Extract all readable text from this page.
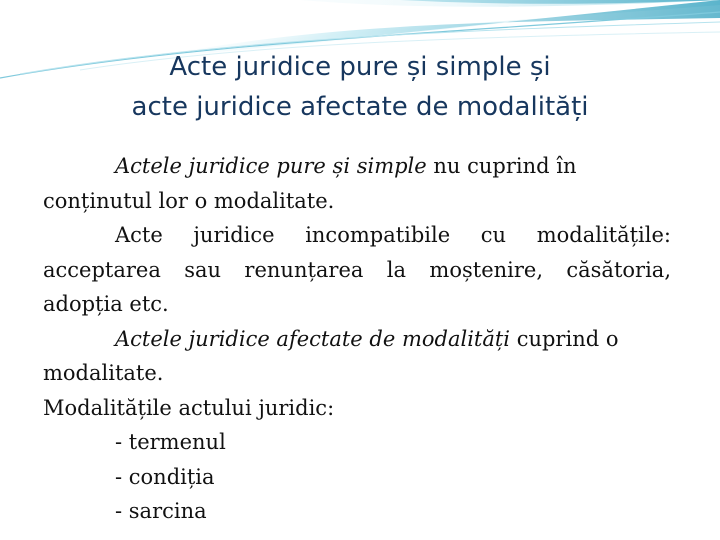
Acte juridice pure și simple și
acte juridice afectate de modalități

Actele juridice pure și simple nu cuprind în conținutul lor o modalitate.

Acte juridice incompatibile cu modalitățile: acceptarea sau renunțarea la moștenire, căsătoria, adopția etc.

Actele juridice afectate de modalități cuprind o modalitate.

Modalitățile actului juridic:

- termenul

- condiția

- sarcina
